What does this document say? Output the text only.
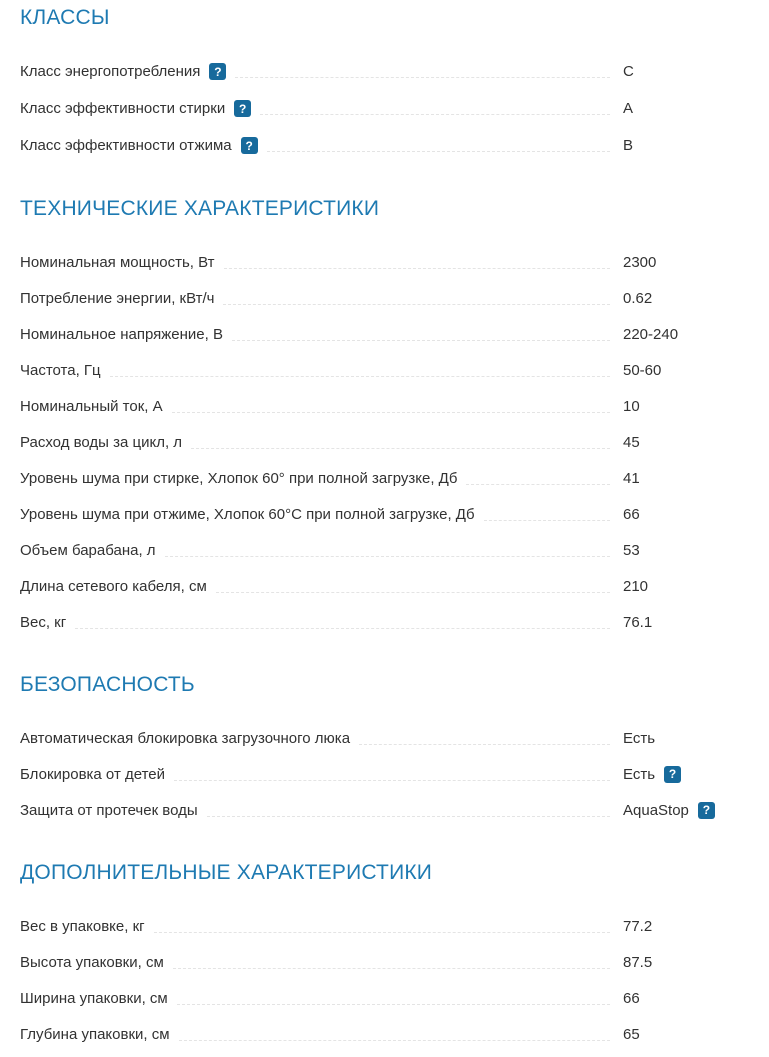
КЛАССЫ
Класс энергопотребления	?	C
Класс эффективности стирки	?	A
Класс эффективности отжима	?	B
ТЕХНИЧЕСКИЕ ХАРАКТЕРИСТИКИ
Номинальная мощность, Вт	2300
Потребление энергии, кВт/ч	0.62
Номинальное напряжение, В	220-240
Частота, Гц	50-60
Номинальный ток, А	10
Расход воды за цикл, л	45
Уровень шума при стирке, Хлопок 60° при полной загрузке, Дб	41
Уровень шума при отжиме, Хлопок 60°С при полной загрузке, Дб	66
Объем барабана, л	53
Длина сетевого кабеля, см	210
Вес, кг	76.1
БЕЗОПАСНОСТЬ
Автоматическая блокировка загрузочного люка	Есть
Блокировка от детей	Есть	?
Защита от протечек воды	AquaStop	?
ДОПОЛНИТЕЛЬНЫЕ ХАРАКТЕРИСТИКИ
Вес в упаковке, кг	77.2
Высота упаковки, см	87.5
Ширина упаковки, см	66
Глубина упаковки, см	65
